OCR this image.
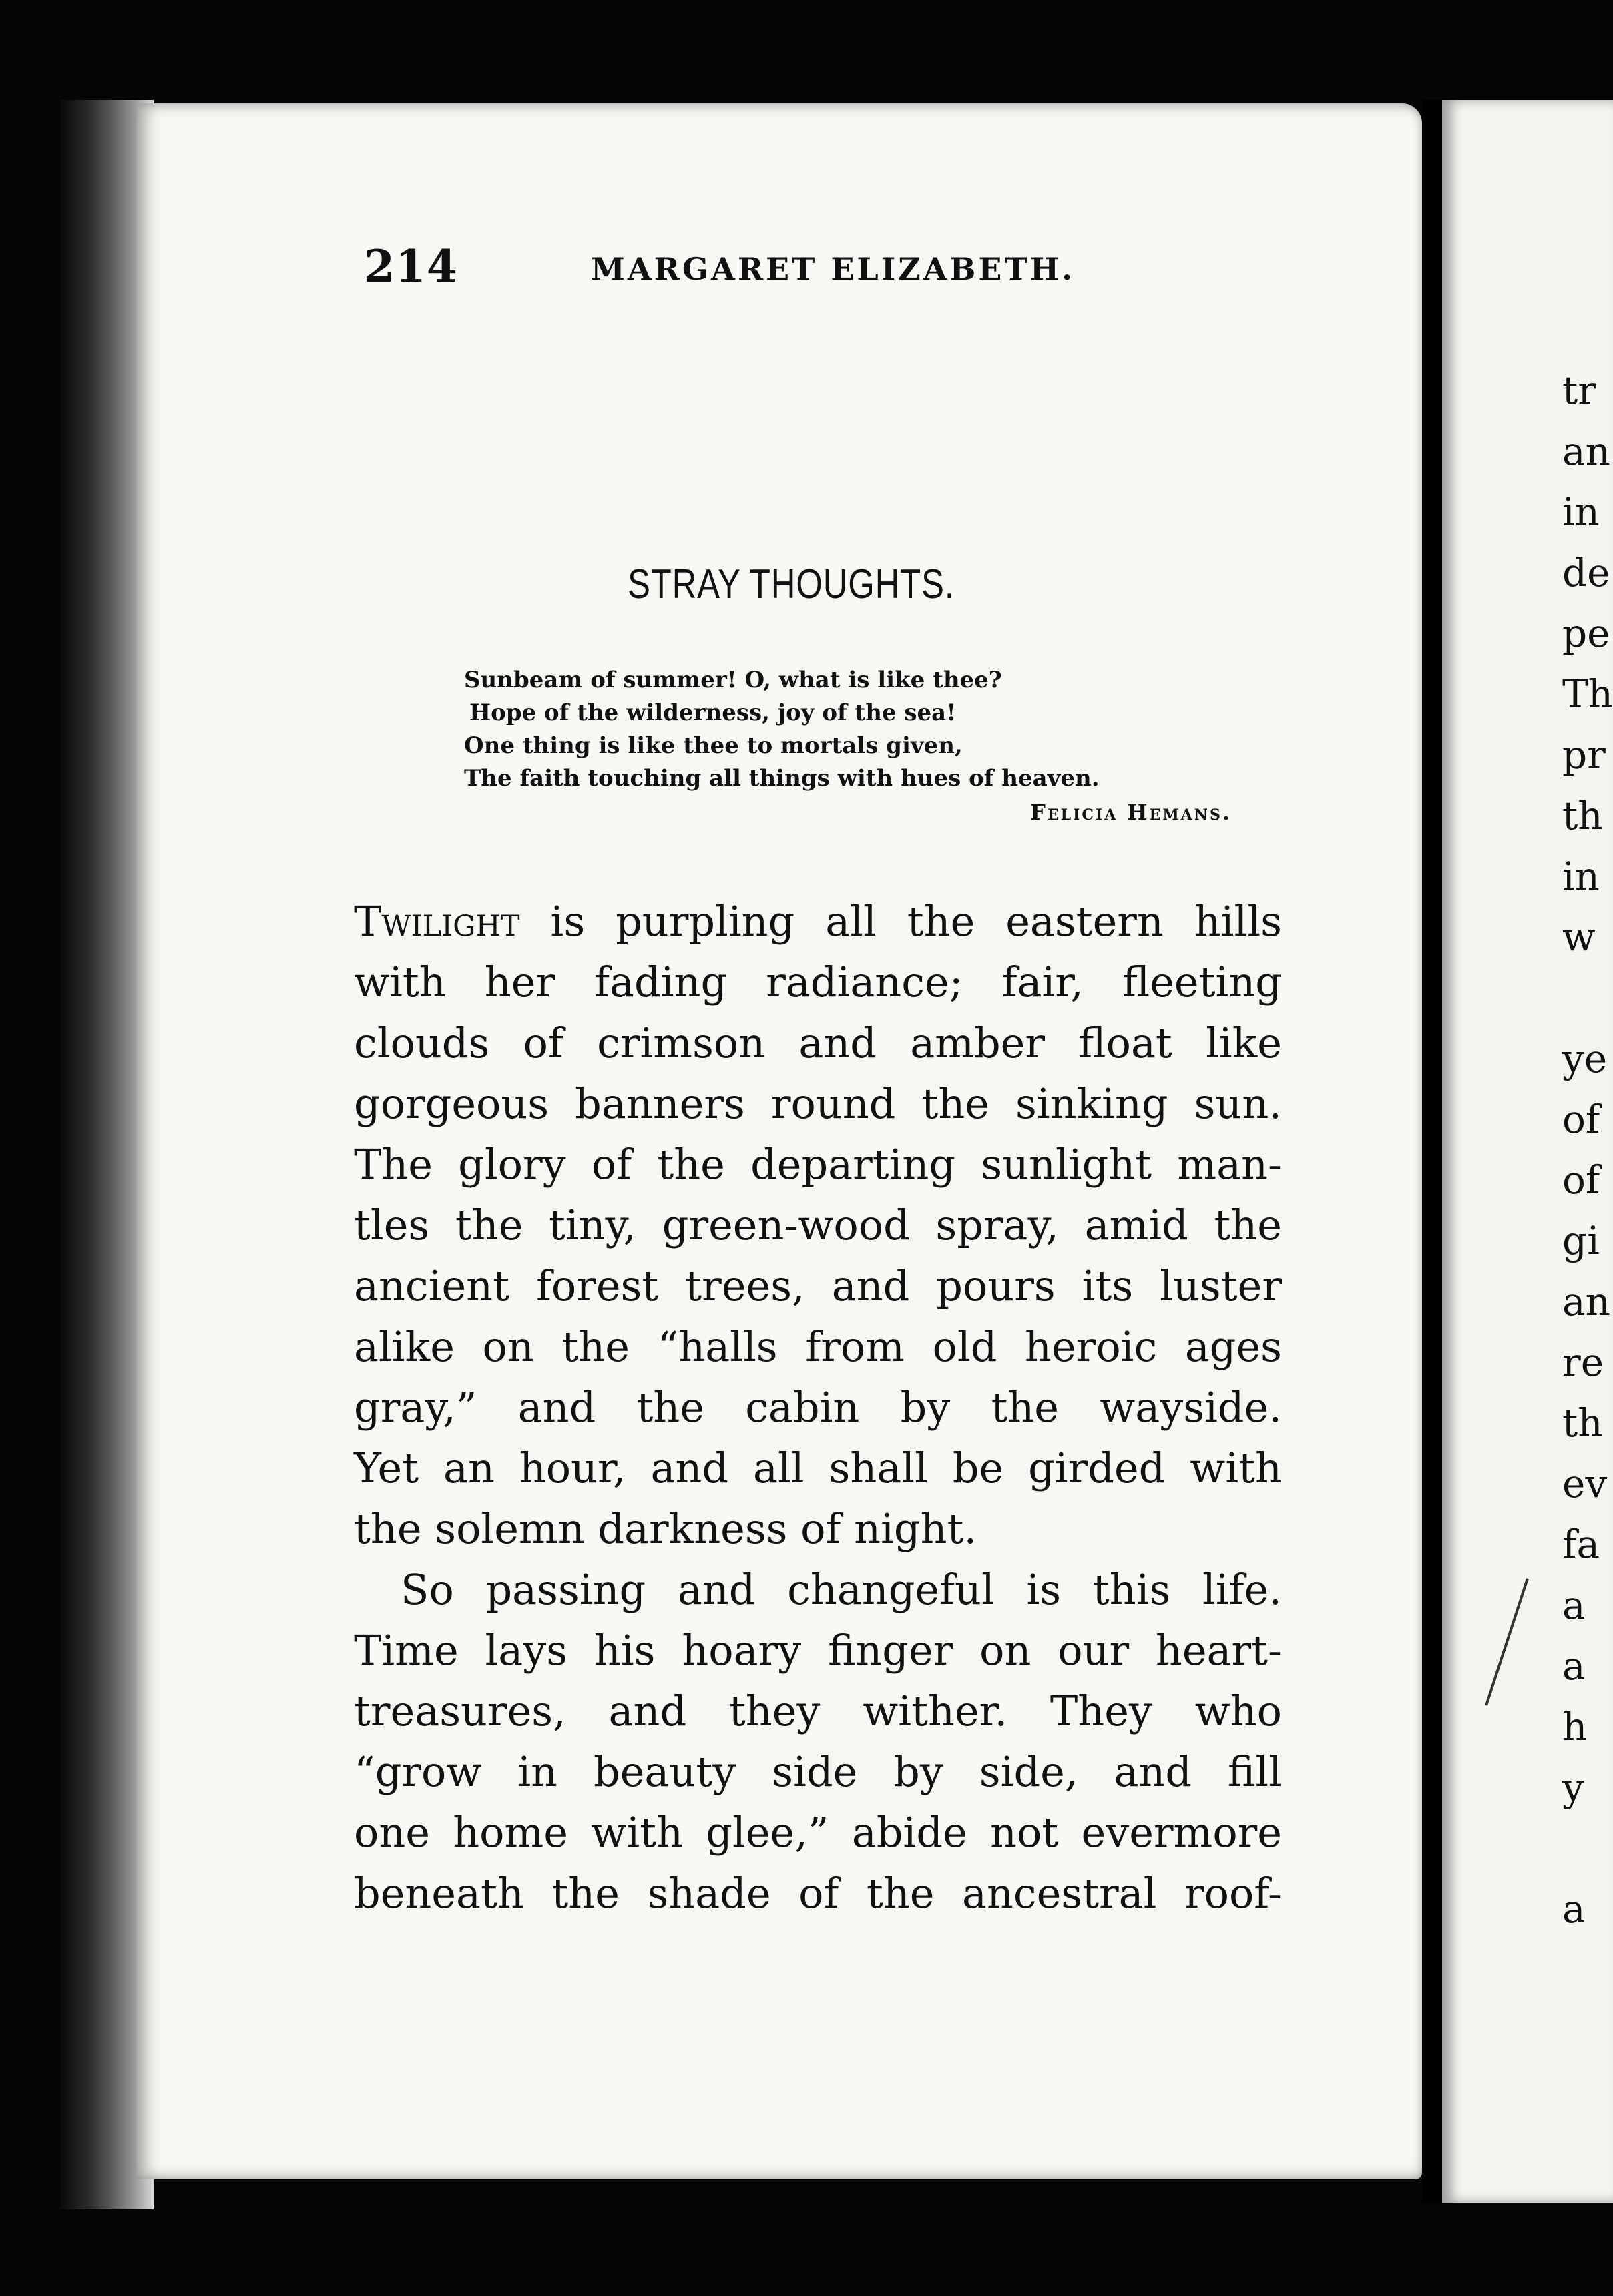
214	MARGARET ELIZABETH.
STRAY THOUGHTS.
Sunbeam of summer! O, what is like thee?
Hope of the wilderness, joy of the sea!
One thing is like thee to mortals given,
The faith touching all things with hues of heaven.
Felicia Hemans.
Twilight is purpling all the eastern hills
with her fading radiance; fair, fleeting
clouds of crimson and amber float like
gorgeous banners round the sinking sun.
The glory of the departing sunlight man-
tles the tiny, green-wood spray, amid the
ancient forest trees, and pours its luster
alike on the “halls from old heroic ages
gray,” and the cabin by the wayside.
Yet an hour, and all shall be girded with
the solemn darkness of night.
So passing and changeful is this life.
Time lays his hoary finger on our heart-
treasures, and they wither. They who
“grow in beauty side by side, and fill
one home with glee,” abide not evermore
beneath the shade of the ancestral roof-
tr
an
in
de
pe
Th
pr
th
in
w
ye
of
of
gi
an
re
th
ev
fa
a
a
h
y
a
